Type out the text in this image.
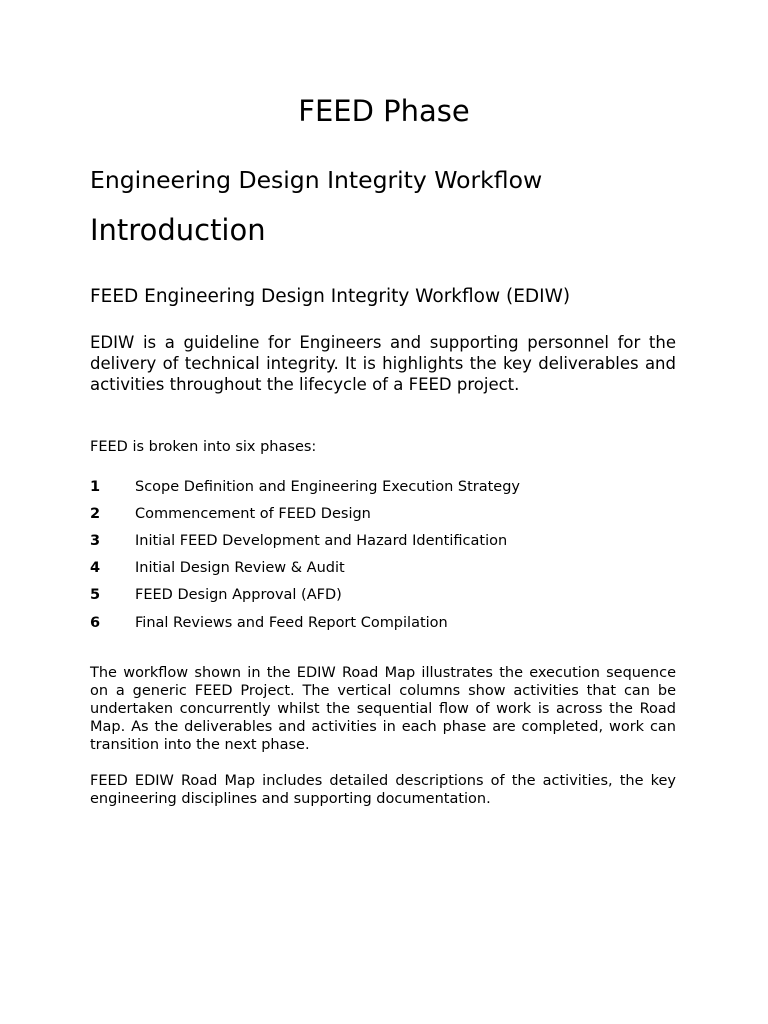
FEED Phase
Engineering Design Integrity Workflow
Introduction
FEED Engineering Design Integrity Workflow (EDIW)

EDIW is a guideline for Engineers and supporting personnel for the delivery of technical integrity. It is highlights the key deliverables and activities throughout the lifecycle of a FEED project.

FEED is broken into six phases:

1	Scope Definition and Engineering Execution Strategy
2	Commencement of FEED Design
3	Initial FEED Development and Hazard Identification
4	Initial Design Review & Audit
5	FEED Design Approval (AFD)
6	Final Reviews and Feed Report Compilation

The workflow shown in the EDIW Road Map illustrates the execution sequence on a generic FEED Project. The vertical columns show activities that can be undertaken concurrently whilst the sequential flow of work is across the Road Map. As the deliverables and activities in each phase are completed, work can transition into the next phase.

FEED EDIW Road Map includes detailed descriptions of the activities, the key engineering disciplines and supporting documentation.
